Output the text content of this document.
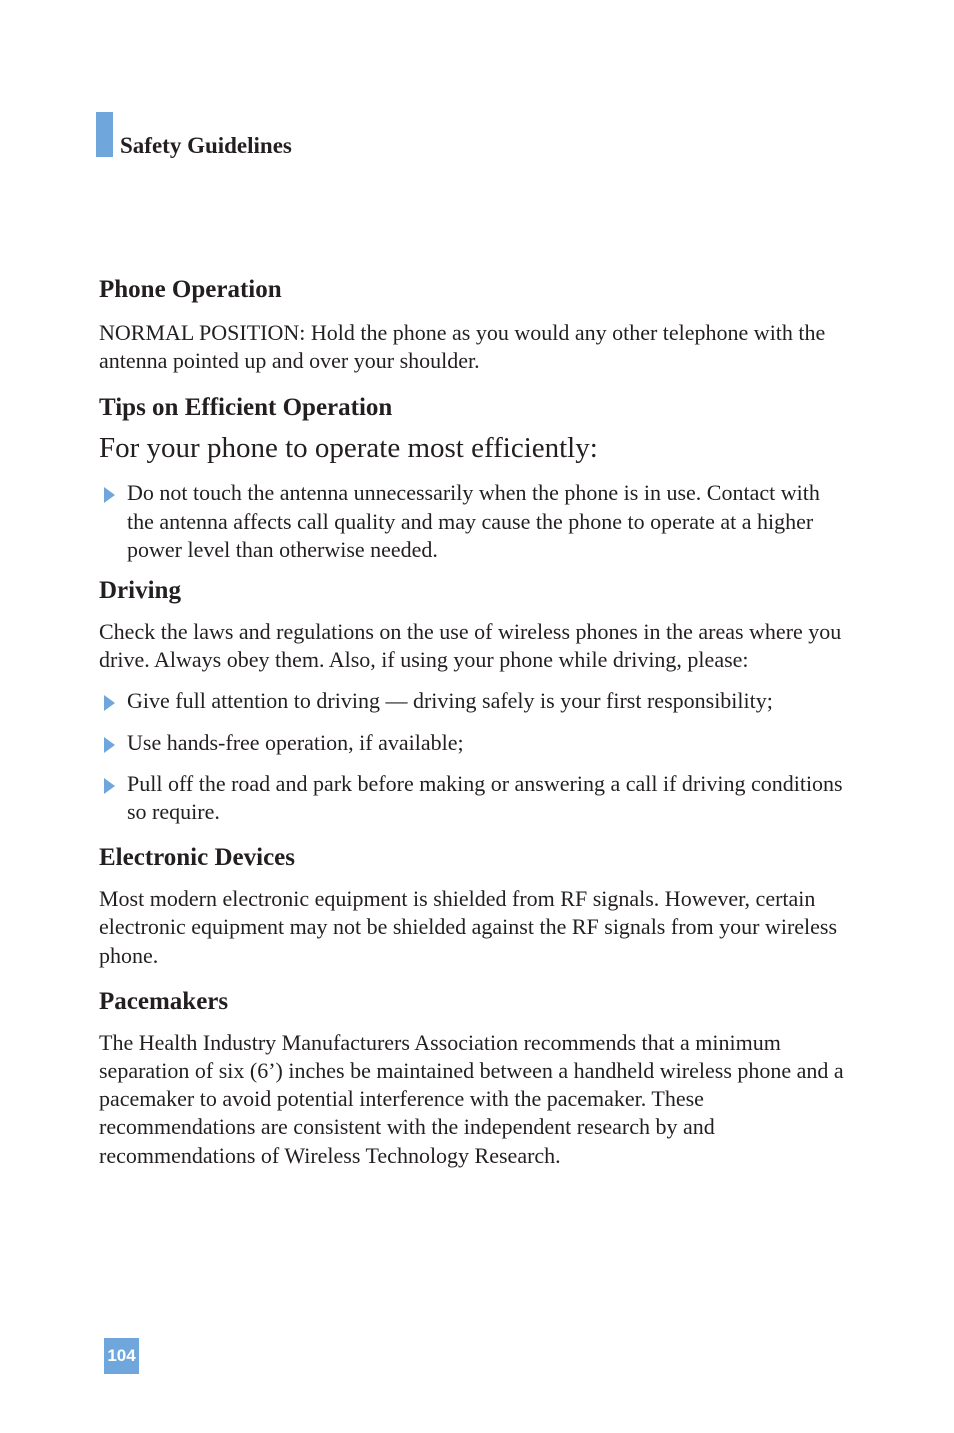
Safety Guidelines
Phone Operation

NORMAL POSITION: Hold the phone as you would any other telephone with the antenna pointed up and over your shoulder.

Tips on Efficient Operation
For your phone to operate most efficiently:
Do not touch the antenna unnecessarily when the phone is in use. Contact with the antenna affects call quality and may cause the phone to operate at a higher power level than otherwise needed.
Driving

Check the laws and regulations on the use of wireless phones in the areas where you drive. Always obey them. Also, if using your phone while driving, please:

Give full attention to driving — driving safely is your first responsibility;
Use hands-free operation, if available;
Pull off the road and park before making or answering a call if driving conditions so require.
Electronic Devices

Most modern electronic equipment is shielded from RF signals. However, certain electronic equipment may not be shielded against the RF signals from your wireless phone.

Pacemakers

The Health Industry Manufacturers Association recommends that a minimum separation of six (6’) inches be maintained between a handheld wireless phone and a pacemaker to avoid potential interference with the pacemaker. These recommendations are consistent with the independent research by and recommendations of Wireless Technology Research.

104
